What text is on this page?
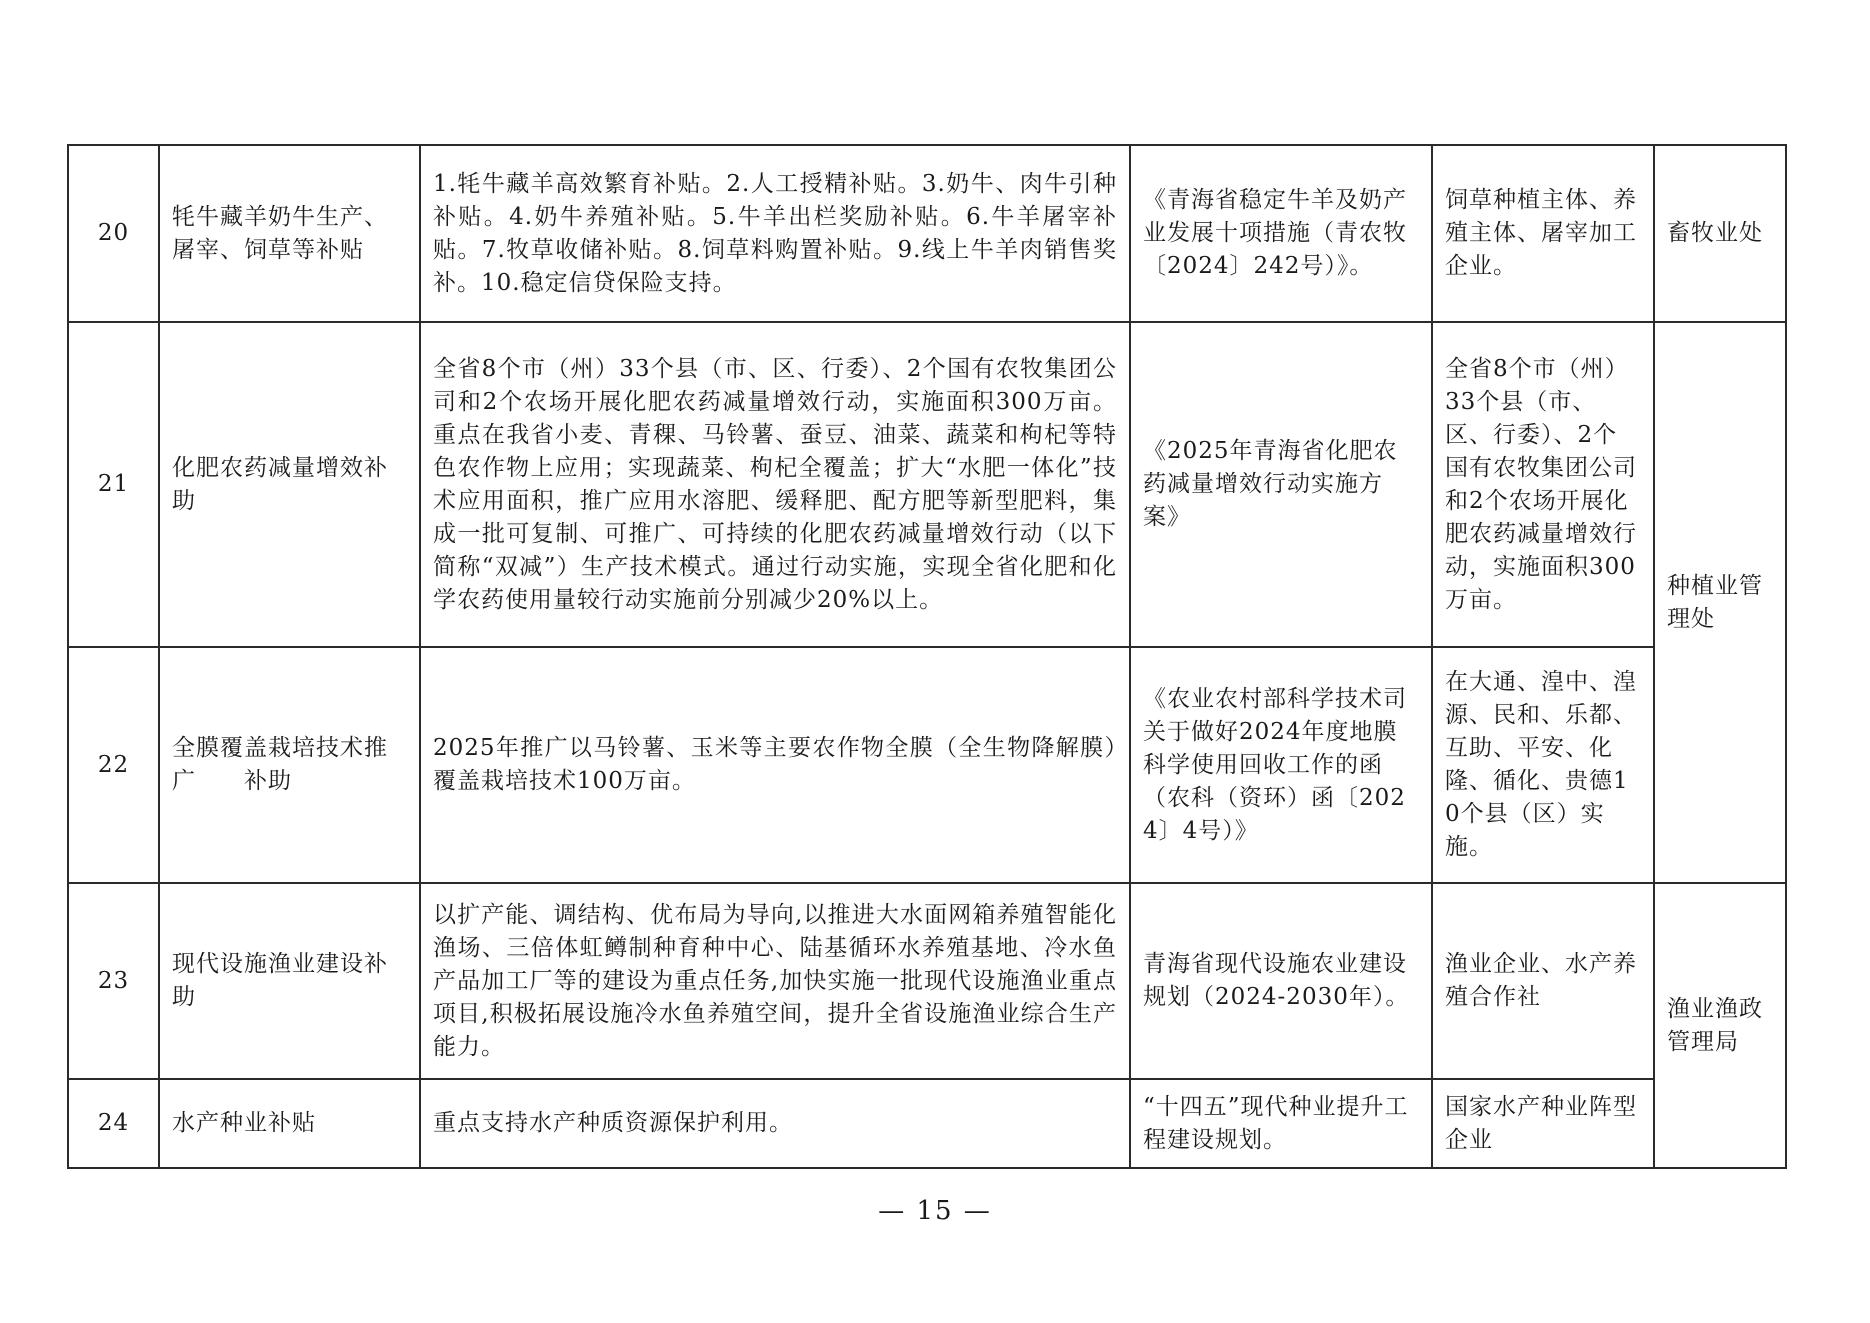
20	牦牛藏羊奶牛生产、屠宰、饲草等补贴	1.牦牛藏羊高效繁育补贴。2.人工授精补贴。3.奶牛、肉牛引种补贴。4.奶牛养殖补贴。5.牛羊出栏奖励补贴。6.牛羊屠宰补贴。7.牧草收储补贴。8.饲草料购置补贴。9.线上牛羊肉销售奖补。10.稳定信贷保险支持。	《青海省稳定牛羊及奶产业发展十项措施（青农牧〔2024〕242号）》。	饲草种植主体、养殖主体、屠宰加工企业。	畜牧业处
21	化肥农药减量增效补助	全省8个市（州）33个县（市、区、行委）、2个国有农牧集团公司和2个农场开展化肥农药减量增效行动，实施面积300万亩。重点在我省小麦、青稞、马铃薯、蚕豆、油菜、蔬菜和枸杞等特色农作物上应用；实现蔬菜、枸杞全覆盖；扩大“水肥一体化”技术应用面积，推广应用水溶肥、缓释肥、配方肥等新型肥料，集成一批可复制、可推广、可持续的化肥农药减量增效行动（以下简称“双减”）生产技术模式。通过行动实施，实现全省化肥和化学农药使用量较行动实施前分别减少20%以上。	《2025年青海省化肥农药减量增效行动实施方案》	全省8个市（州）33个县（市、区、行委）、2个国有农牧集团公司和2个农场开展化肥农药减量增效行动，实施面积300万亩。	种植业管理处
22	全膜覆盖栽培技术推广　　补助	2025年推广以马铃薯、玉米等主要农作物全膜（全生物降解膜）覆盖栽培技术100万亩。	《农业农村部科学技术司关于做好2024年度地膜科学使用回收工作的函（农科（资环）函〔2024〕4号）》	在大通、湟中、湟源、民和、乐都、互助、平安、化隆、循化、贵德10个县（区）实施。	
23	现代设施渔业建设补助	以扩产能、调结构、优布局为导向,以推进大水面网箱养殖智能化渔场、三倍体虹鳟制种育种中心、陆基循环水养殖基地、冷水鱼产品加工厂等的建设为重点任务,加快实施一批现代设施渔业重点项目,积极拓展设施冷水鱼养殖空间，提升全省设施渔业综合生产能力。	青海省现代设施农业建设规划（2024-2030年）。	渔业企业、水产养殖合作社	渔业渔政管理局
24	水产种业补贴	重点支持水产种质资源保护利用。	“十四五”现代种业提升工程建设规划。	国家水产种业阵型企业	
— 15 —
